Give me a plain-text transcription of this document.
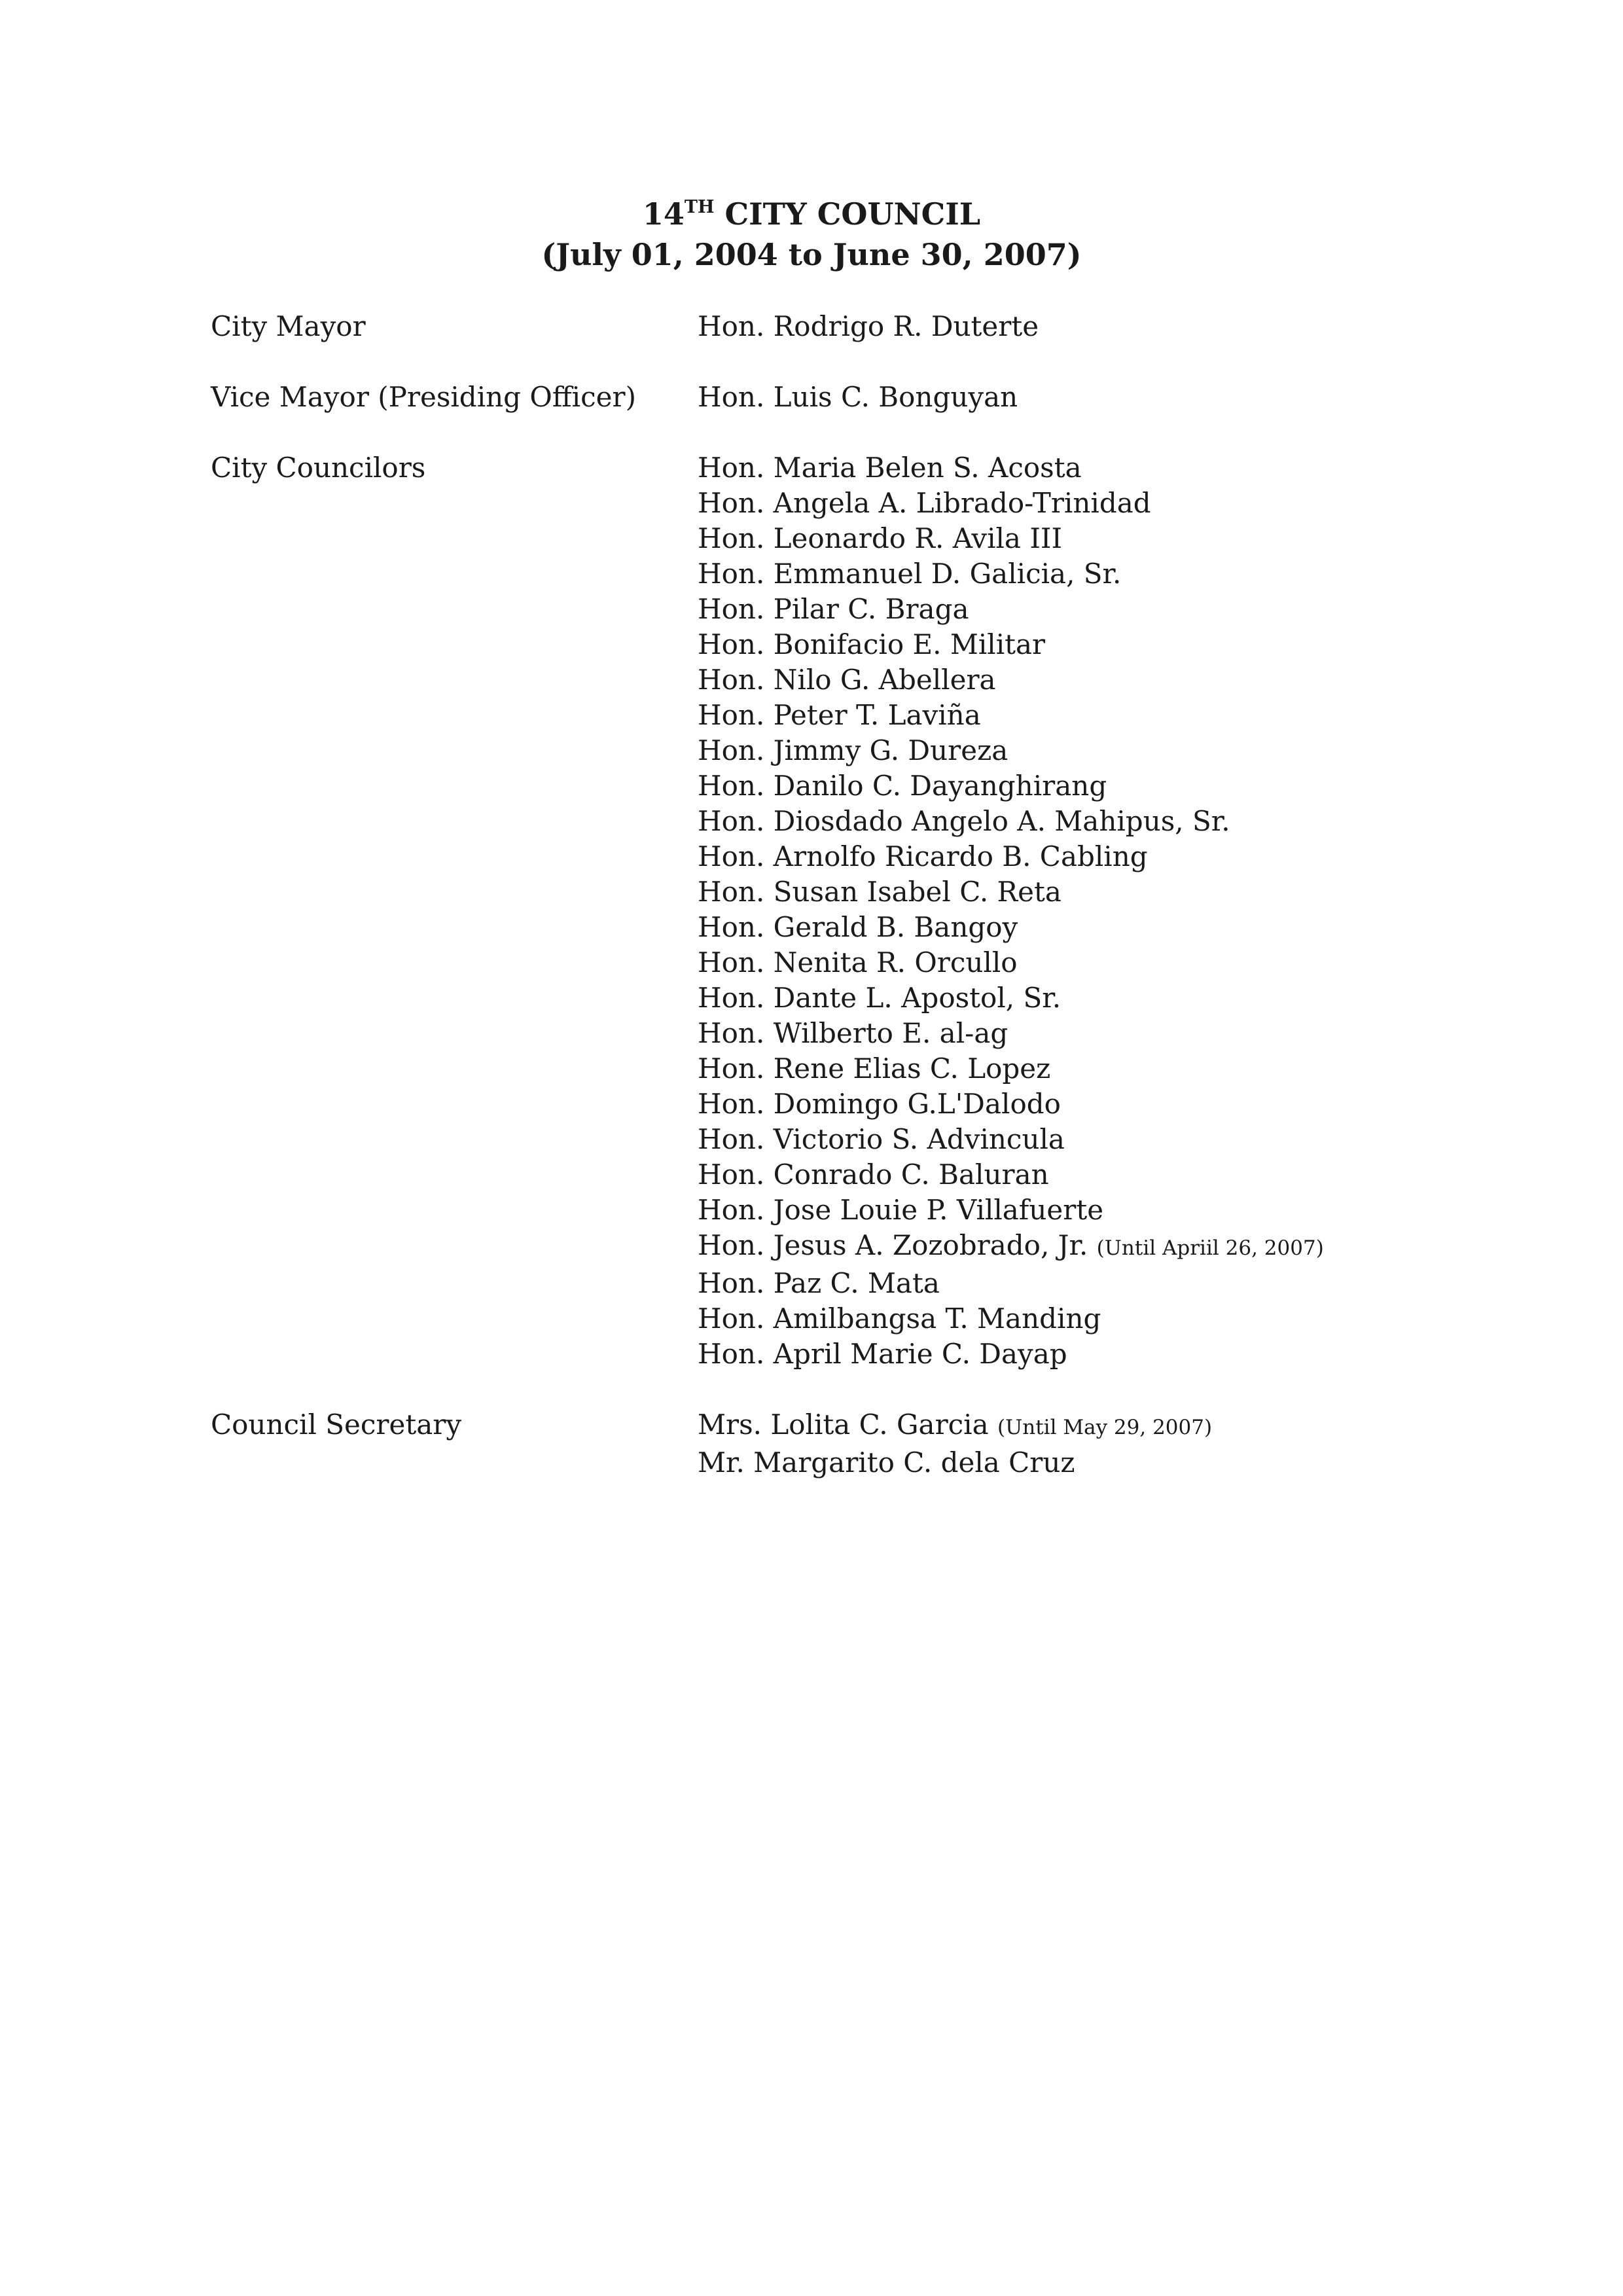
14TH CITY COUNCIL
(July 01, 2004 to June 30, 2007)
City Mayor	Hon. Rodrigo R. Duterte
Vice Mayor (Presiding Officer) Hon. Luis C. Bonguyan
City Councilors	Hon. Maria Belen S. Acosta
Hon. Angela A. Librado-Trinidad
Hon. Leonardo R. Avila III
Hon. Emmanuel D. Galicia, Sr.
Hon. Pilar C. Braga
Hon. Bonifacio E. Militar
Hon. Nilo G. Abellera
Hon. Peter T. Laviña
Hon. Jimmy G. Dureza
Hon. Danilo C. Dayanghirang
Hon. Diosdado Angelo A. Mahipus, Sr.
Hon. Arnolfo Ricardo B. Cabling
Hon. Susan Isabel C. Reta
Hon. Gerald B. Bangoy
Hon. Nenita R. Orcullo
Hon. Dante L. Apostol, Sr.
Hon. Wilberto E. al-ag
Hon. Rene Elias C. Lopez
Hon. Domingo G.L'Dalodo
Hon. Victorio S. Advincula
Hon. Conrado C. Baluran
Hon. Jose Louie P. Villafuerte
Hon. Jesus A. Zozobrado, Jr. (Until Apriil 26, 2007)
Hon. Paz C. Mata
Hon. Amilbangsa T. Manding
Hon. April Marie C. Dayap
Council Secretary	Mrs. Lolita C. Garcia (Until May 29, 2007)
Mr. Margarito C. dela Cruz
